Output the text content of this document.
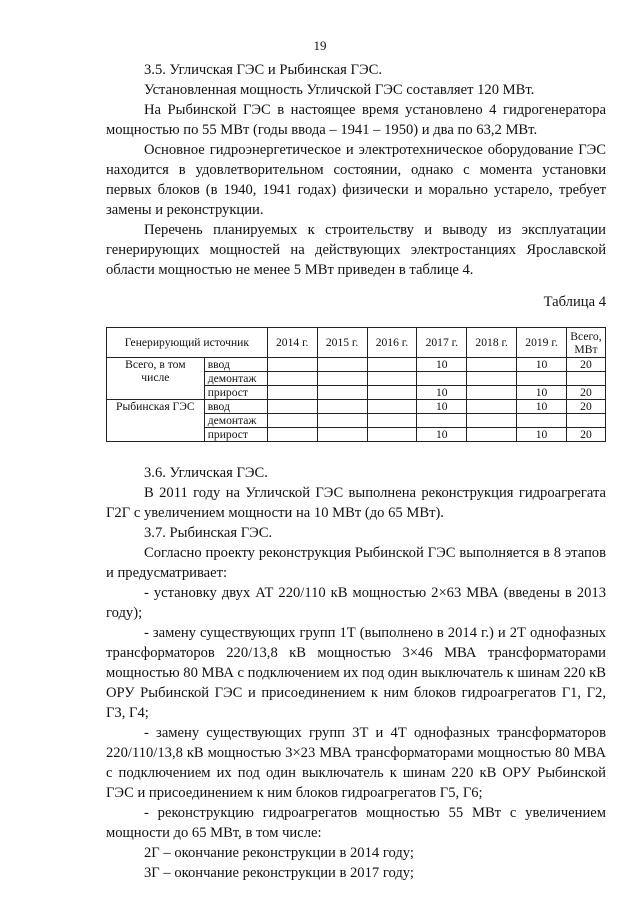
19

3.5. Угличская ГЭС и Рыбинская ГЭС.

Установленная мощность Угличской ГЭС составляет 120 МВт.

На Рыбинской ГЭС в настоящее время установлено 4 гидрогенератора мощностью по 55 МВт (годы ввода – 1941 – 1950) и два по 63,2 МВт.

Основное гидроэнергетическое и электротехническое оборудование ГЭС находится в удовлетворительном состоянии, однако с момента установки первых блоков (в 1940, 1941 годах) физически и морально устарело, требует замены и реконструкции.

Перечень планируемых к строительству и выводу из эксплуатации генерирующих мощностей на действующих электростанциях Ярославской области мощностью не менее 5 МВт приведен в таблице 4.

Таблица 4
Генерирующий источник		2014 г.	2015 г.	2016 г.	2017 г.	2018 г.	2019 г.	Всего, МВт
Всего, в том числе	ввод				10		10	20
	демонтаж							
	прирост				10		10	20
Рыбинская ГЭС	ввод				10		10	20
	демонтаж							
	прирост				10		10	20

3.6. Угличская ГЭС.

В 2011 году на Угличской ГЭС выполнена реконструкция гидроагрегата Г2Г с увеличением мощности на 10 МВт (до 65 МВт).

3.7. Рыбинская ГЭС.

Согласно проекту реконструкция Рыбинской ГЭС выполняется в 8 этапов и предусматривает:

- установку двух АТ 220/110 кВ мощностью 2×63 МВА (введены в 2013 году);

- замену существующих групп 1Т (выполнено в 2014 г.) и 2Т однофазных трансформаторов 220/13,8 кВ мощностью 3×46 МВА трансформаторами мощностью 80 МВА с подключением их под один выключатель к шинам 220 кВ ОРУ Рыбинской ГЭС и присоединением к ним блоков гидроагрегатов Г1, Г2, Г3, Г4;

- замену существующих групп 3Т и 4Т однофазных трансформаторов 220/110/13,8 кВ мощностью 3×23 МВА трансформаторами мощностью 80 МВА с подключением их под один выключатель к шинам 220 кВ ОРУ Рыбинской ГЭС и присоединением к ним блоков гидроагрегатов Г5, Г6;

- реконструкцию гидроагрегатов мощностью 55 МВт с увеличением мощности до 65 МВт, в том числе:

2Г – окончание реконструкции в 2014 году;

3Г – окончание реконструкции в 2017 году;
